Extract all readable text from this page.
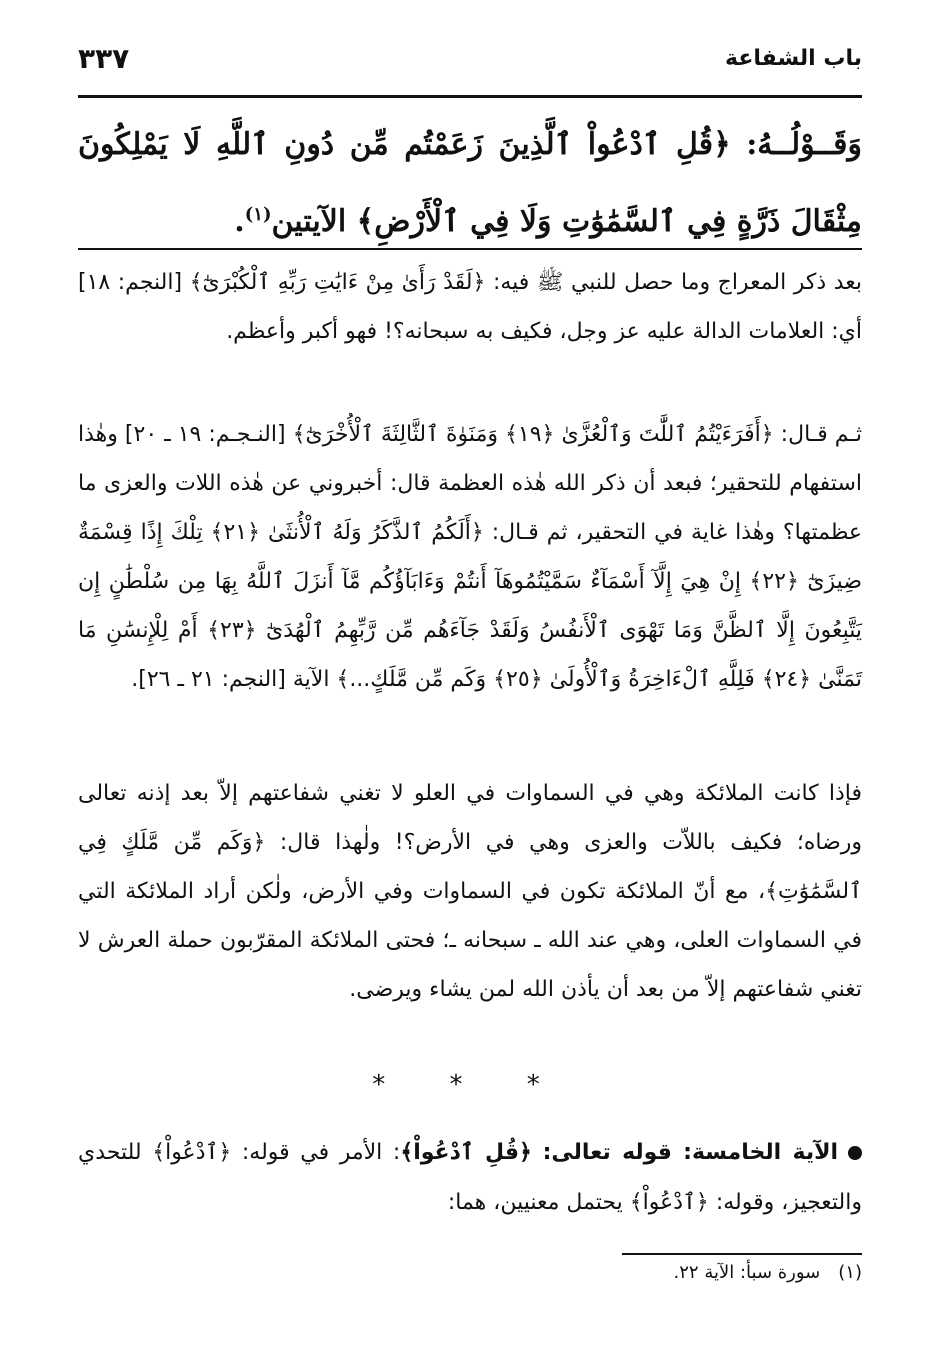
باب الشفاعة
٣٣٧
وَقَــوْلُــهُ: ﴿قُلِ ٱدْعُواْ ٱلَّذِينَ زَعَمْتُم مِّن دُونِ ٱللَّهِ لَا يَمْلِكُونَ مِثْقَالَ ذَرَّةٍ فِي ٱلسَّمَٰوَٰتِ وَلَا فِي ٱلْأَرْضِ﴾ الآيتين$^{(١)}$.

بعد ذكر المعراج وما حصل للنبي ﷺ فيه: ﴿لَقَدْ رَأَىٰ مِنْ ءَايَٰتِ رَبِّهِ ٱلْكُبْرَىٰٓ﴾ [النجم: ١٨] أي: العلامات الدالة عليه عز وجل، فكيف به سبحانه؟! فهو أكبر وأعظم.

ثـم قـال: ﴿أَفَرَءَيْتُمُ ٱللَّٰتَ وَٱلْعُزَّىٰ ﴿١٩﴾ وَمَنَوٰةَ ٱلثَّالِثَةَ ٱلْأُخْرَىٰٓ﴾ [النـجـم: ١٩ ـ ٢٠] وهٰذا استفهام للتحقير؛ فبعد أن ذكر الله هٰذه العظمة قال: أخبروني عن هٰذه اللات والعزى ما عظمتها؟ وهٰذا غاية في التحقير، ثم قـال: ﴿أَلَكُمُ ٱلذَّكَرُ وَلَهُ ٱلْأُنثَىٰ ﴿٢١﴾ تِلْكَ إِذًا قِسْمَةٌ ضِيزَىٰٓ ﴿٢٢﴾ إِنْ هِيَ إِلَّآ أَسْمَآءٌ سَمَّيْتُمُوهَآ أَنتُمْ وَءَابَآؤُكُم مَّآ أَنزَلَ ٱللَّهُ بِهَا مِن سُلْطَٰنٍ إِن يَتَّبِعُونَ إِلَّا ٱلظَّنَّ وَمَا تَهْوَى ٱلْأَنفُسُ وَلَقَدْ جَآءَهُم مِّن رَّبِّهِمُ ٱلْهُدَىٰٓ ﴿٢٣﴾ أَمْ لِلْإِنسَٰنِ مَا تَمَنَّىٰ ﴿٢٤﴾ فَلِلَّهِ ٱلْءَاخِرَةُ وَٱلْأُولَىٰ ﴿٢٥﴾ وَكَم مِّن مَّلَكٍ...﴾ الآية [النجم: ٢١ ـ ٢٦].

فإذا كانت الملائكة وهي في السماوات في العلو لا تغني شفاعتهم إلاّ بعد إذنه تعالى ورضاه؛ فكيف باللاّت والعزى وهي في الأرض؟! ولٰهذا قال: ﴿وَكَم مِّن مَّلَكٍ فِي ٱلسَّمَٰوَٰتِ﴾، مع أنّ الملائكة تكون في السماوات وفي الأرض، ولٰكن أراد الملائكة التي في السماوات العلى، وهي عند الله ـ سبحانه ـ؛ فحتى الملائكة المقرّبون حملة العرش لا تغني شفاعتهم إلاّ من بعد أن يأذن الله لمن يشاء ويرضى.

* * *

الآية الخامسة: قوله تعالى: ﴿قُلِ ٱدْعُواْ﴾: الأمر في قوله: ﴿ٱدْعُواْ﴾ للتحدي والتعجيز، وقوله: ﴿ٱدْعُواْ﴾ يحتمل معنيين، هما:

(١)سورة سبأ: الآية ٢٢.
